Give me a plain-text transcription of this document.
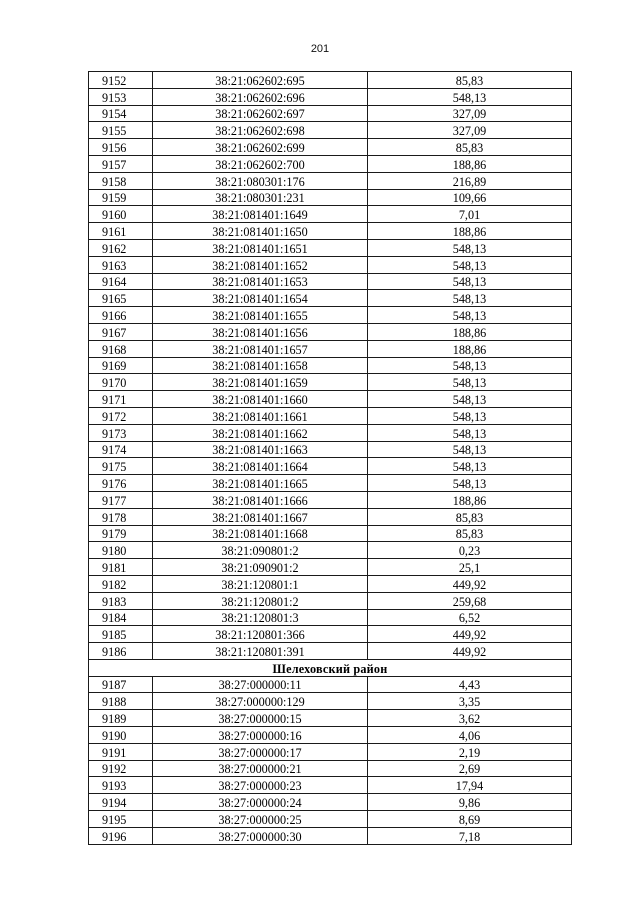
201
9152	38:21:062602:695	85,83
9153	38:21:062602:696	548,13
9154	38:21:062602:697	327,09
9155	38:21:062602:698	327,09
9156	38:21:062602:699	85,83
9157	38:21:062602:700	188,86
9158	38:21:080301:176	216,89
9159	38:21:080301:231	109,66
9160	38:21:081401:1649	7,01
9161	38:21:081401:1650	188,86
9162	38:21:081401:1651	548,13
9163	38:21:081401:1652	548,13
9164	38:21:081401:1653	548,13
9165	38:21:081401:1654	548,13
9166	38:21:081401:1655	548,13
9167	38:21:081401:1656	188,86
9168	38:21:081401:1657	188,86
9169	38:21:081401:1658	548,13
9170	38:21:081401:1659	548,13
9171	38:21:081401:1660	548,13
9172	38:21:081401:1661	548,13
9173	38:21:081401:1662	548,13
9174	38:21:081401:1663	548,13
9175	38:21:081401:1664	548,13
9176	38:21:081401:1665	548,13
9177	38:21:081401:1666	188,86
9178	38:21:081401:1667	85,83
9179	38:21:081401:1668	85,83
9180	38:21:090801:2	0,23
9181	38:21:090901:2	25,1
9182	38:21:120801:1	449,92
9183	38:21:120801:2	259,68
9184	38:21:120801:3	6,52
9185	38:21:120801:366	449,92
9186	38:21:120801:391	449,92
Шелеховский район		
9187	38:27:000000:11	4,43
9188	38:27:000000:129	3,35
9189	38:27:000000:15	3,62
9190	38:27:000000:16	4,06
9191	38:27:000000:17	2,19
9192	38:27:000000:21	2,69
9193	38:27:000000:23	17,94
9194	38:27:000000:24	9,86
9195	38:27:000000:25	8,69
9196	38:27:000000:30	7,18
